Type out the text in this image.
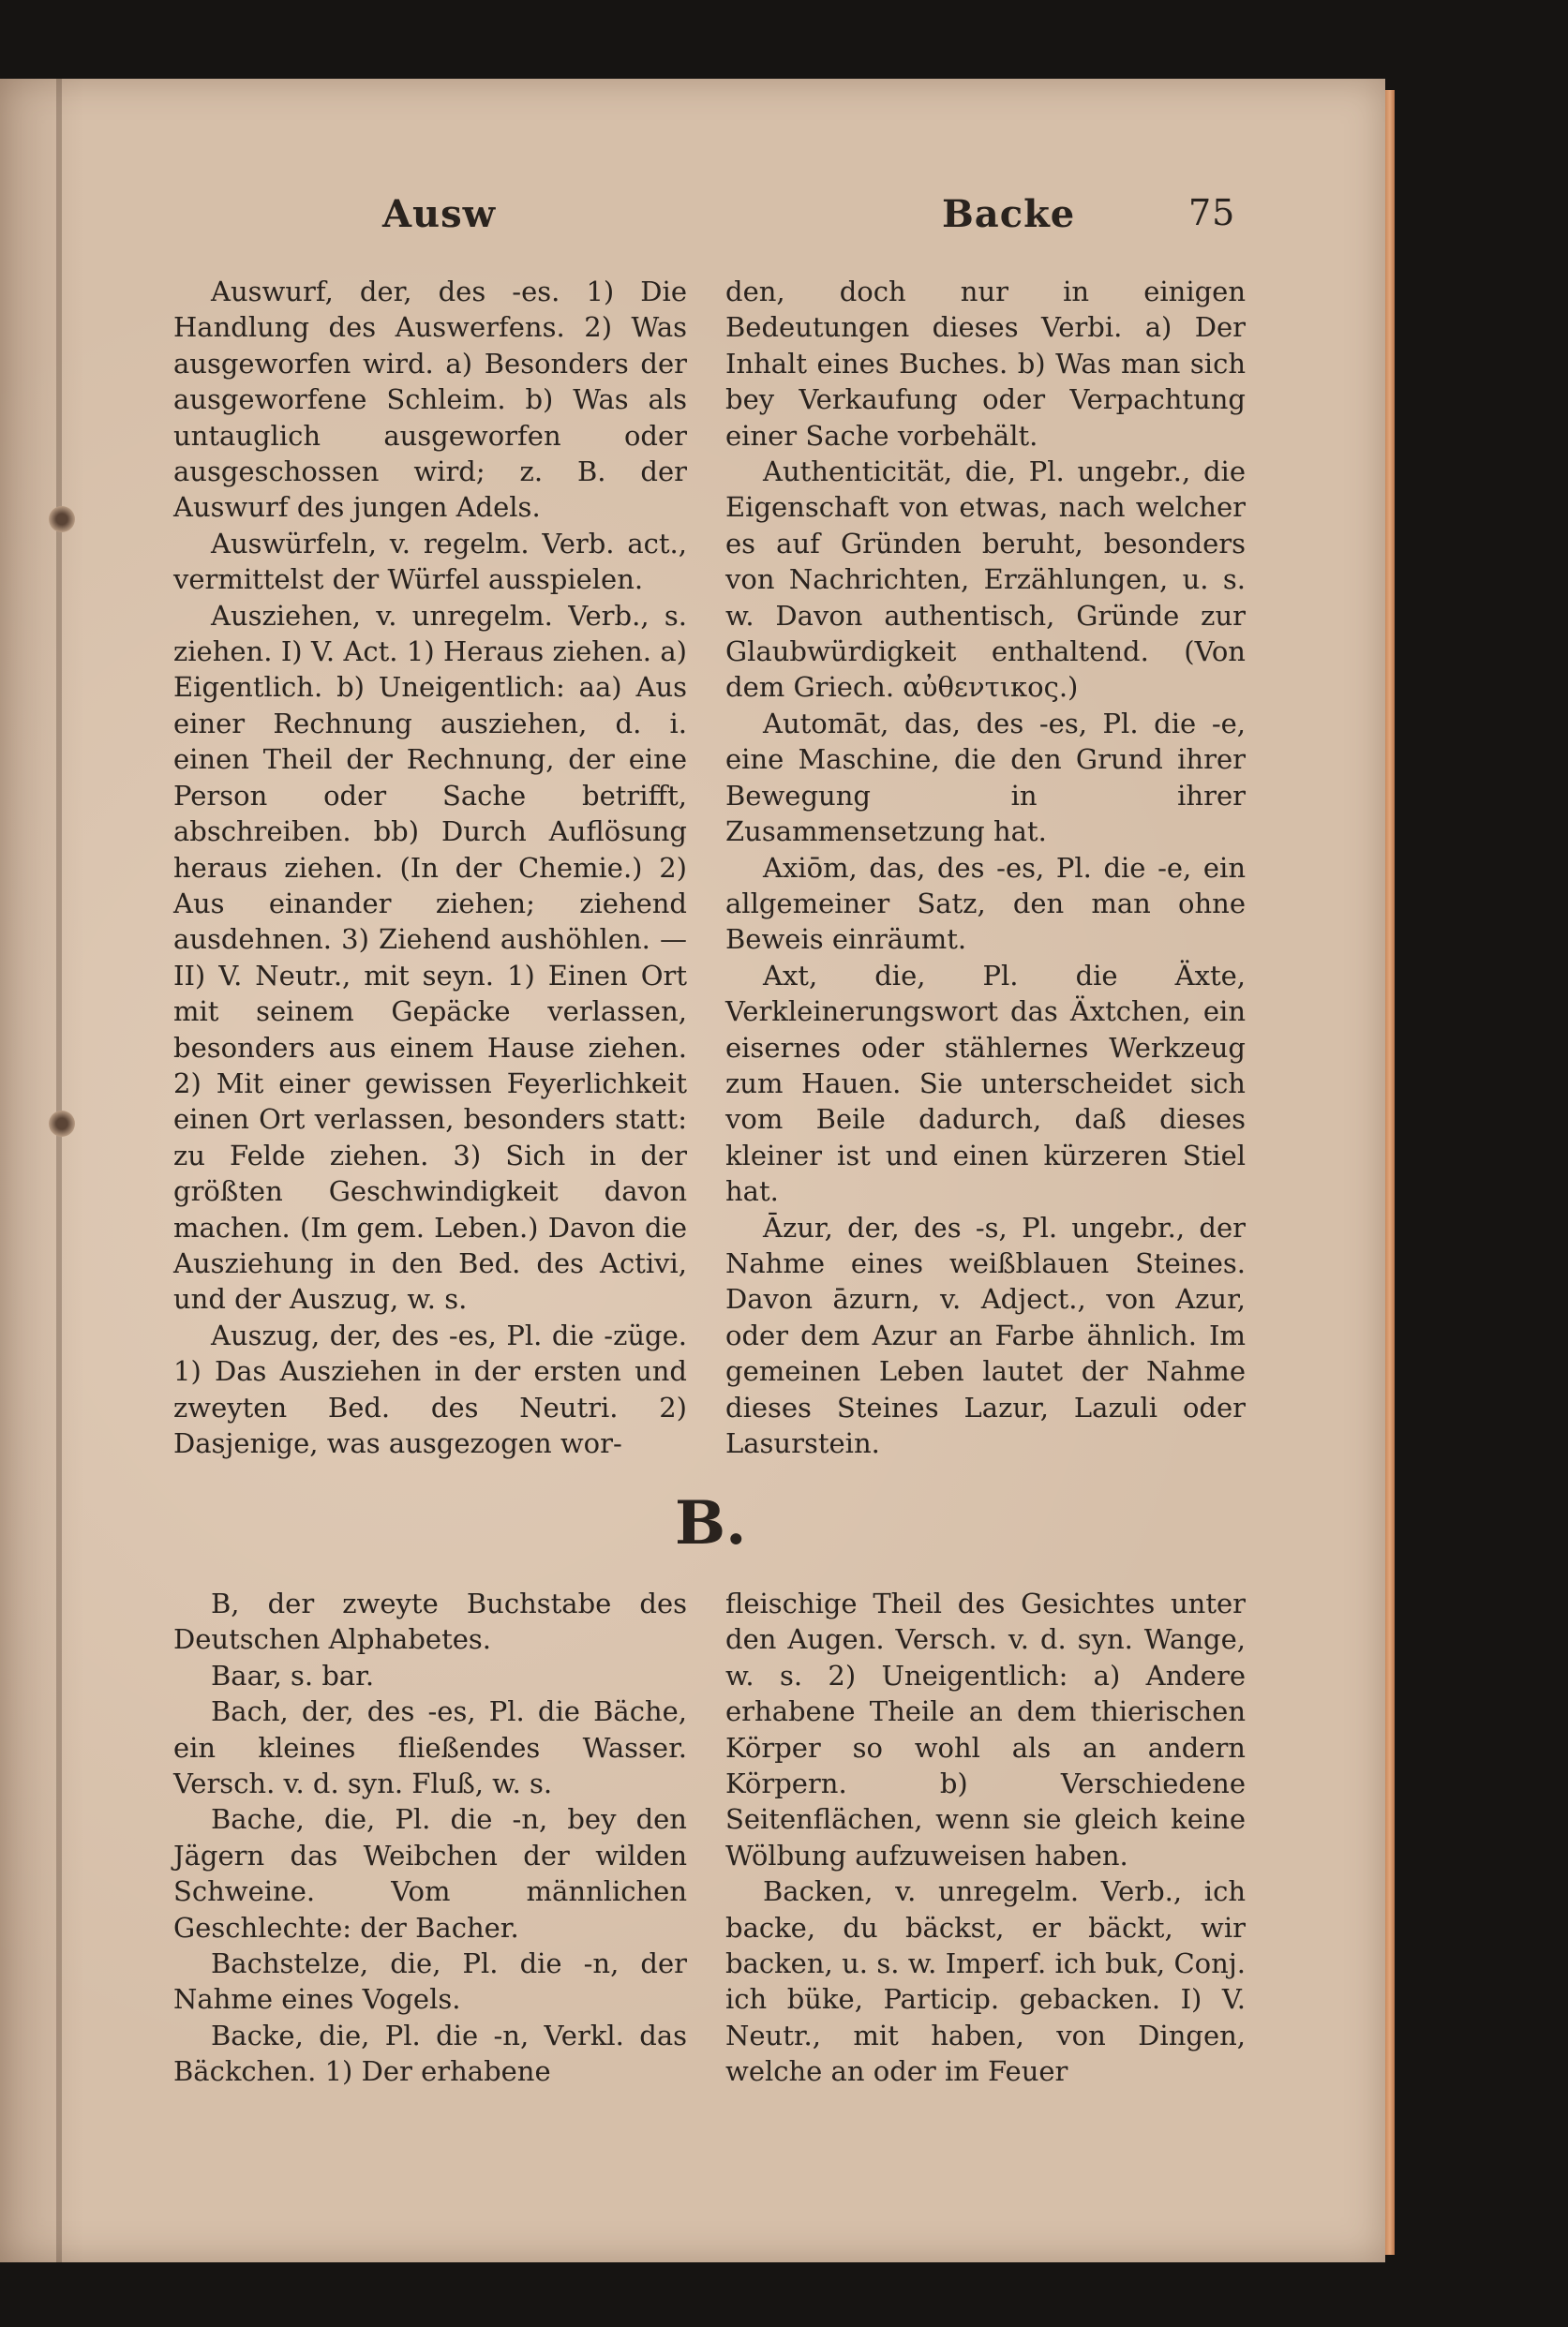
Ausw	Backe	75

Auswurf, der, des -es. 1) Die Handlung des Auswerfens. 2) Was ausgeworfen wird. a) Besonders der ausgeworfene Schleim. b) Was als untauglich ausgeworfen oder ausgeschossen wird; z. B. der Auswurf des jungen Adels.

Auswürfeln, v. regelm. Verb. act., vermittelst der Würfel ausspielen.

Ausziehen, v. unregelm. Verb., s. ziehen. I) V. Act. 1) Heraus ziehen. a) Eigentlich. b) Uneigentlich: aa) Aus einer Rechnung ausziehen, d. i. einen Theil der Rechnung, der eine Person oder Sache betrifft, abschreiben. bb) Durch Auflösung heraus ziehen. (In der Chemie.) 2) Aus einander ziehen; ziehend ausdehnen. 3) Ziehend aushöhlen. — II) V. Neutr., mit seyn. 1) Einen Ort mit seinem Gepäcke verlassen, besonders aus einem Hause ziehen. 2) Mit einer gewissen Feyerlichkeit einen Ort verlassen, besonders statt: zu Felde ziehen. 3) Sich in der größten Geschwindigkeit davon machen. (Im gem. Leben.) Davon die Ausziehung in den Bed. des Activi, und der Auszug, w. s.

Auszug, der, des -es, Pl. die -züge. 1) Das Ausziehen in der ersten und zweyten Bed. des Neutri. 2) Dasjenige, was ausgezogen wor-

den, doch nur in einigen Bedeutungen dieses Verbi. a) Der Inhalt eines Buches. b) Was man sich bey Verkaufung oder Verpachtung einer Sache vorbehält.

Authenticität, die, Pl. ungebr., die Eigenschaft von etwas, nach welcher es auf Gründen beruht, besonders von Nachrichten, Erzählungen, u. s. w. Davon authentisch, Gründe zur Glaubwürdigkeit enthaltend. (Von dem Griech. αὐθεντικος.)

Automāt, das, des -es, Pl. die -e, eine Maschine, die den Grund ihrer Bewegung in ihrer Zusammensetzung hat.

Axiōm, das, des -es, Pl. die -e, ein allgemeiner Satz, den man ohne Beweis einräumt.

Axt, die, Pl. die Äxte, Verkleinerungswort das Äxtchen, ein eisernes oder stählernes Werkzeug zum Hauen. Sie unterscheidet sich vom Beile dadurch, daß dieses kleiner ist und einen kürzeren Stiel hat.

Āzur, der, des -s, Pl. ungebr., der Nahme eines weißblauen Steines. Davon āzurn, v. Adject., von Azur, oder dem Azur an Farbe ähnlich. Im gemeinen Leben lautet der Nahme dieses Steines Lazur, Lazuli oder Lasurstein.

B.

B, der zweyte Buchstabe des Deutschen Alphabetes.

Baar, s. bar.

Bach, der, des -es, Pl. die Bäche, ein kleines fließendes Wasser. Versch. v. d. syn. Fluß, w. s.

Bache, die, Pl. die -n, bey den Jägern das Weibchen der wilden Schweine. Vom männlichen Geschlechte: der Bacher.

Bachstelze, die, Pl. die -n, der Nahme eines Vogels.

Backe, die, Pl. die -n, Verkl. das Bäckchen. 1) Der erhabene

fleischige Theil des Gesichtes unter den Augen. Versch. v. d. syn. Wange, w. s. 2) Uneigentlich: a) Andere erhabene Theile an dem thierischen Körper so wohl als an andern Körpern. b) Verschiedene Seitenflächen, wenn sie gleich keine Wölbung aufzuweisen haben.

Backen, v. unregelm. Verb., ich backe, du bäckst, er bäckt, wir backen, u. s. w. Imperf. ich buk, Conj. ich büke, Particip. gebacken. I) V. Neutr., mit haben, von Dingen, welche an oder im Feuer
